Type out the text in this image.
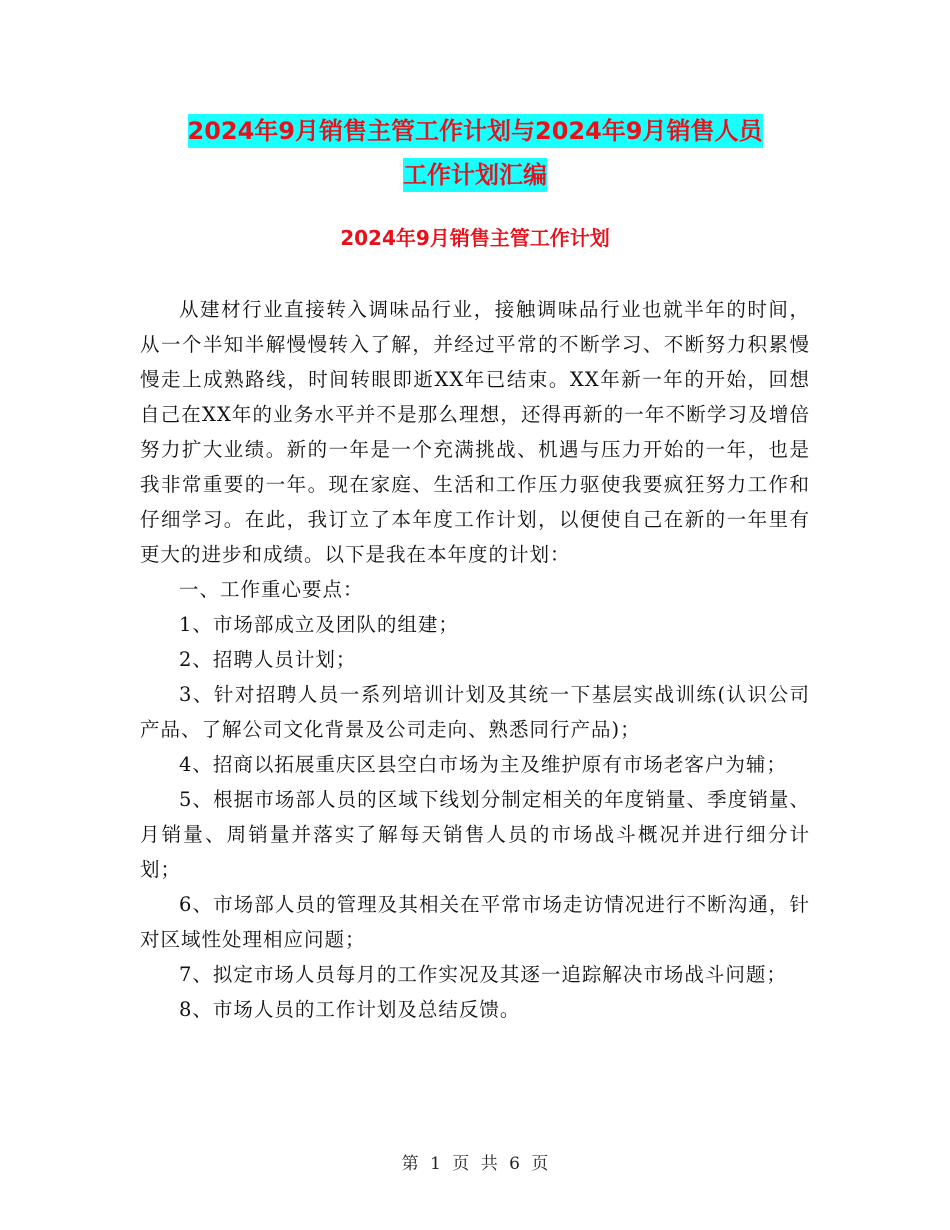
2024年9月销售主管工作计划与2024年9月销售人员
工作计划汇编
2024年9月销售主管工作计划

从建材行业直接转入调味品行业，接触调味品行业也就半年的时间，从一个半知半解慢慢转入了解，并经过平常的不断学习、不断努力积累慢慢走上成熟路线，时间转眼即逝XX年已结束。XX年新一年的开始，回想自己在XX年的业务水平并不是那么理想，还得再新的一年不断学习及增倍努力扩大业绩。新的一年是一个充满挑战、机遇与压力开始的一年，也是我非常重要的一年。现在家庭、生活和工作压力驱使我要疯狂努力工作和仔细学习。在此，我订立了本年度工作计划，以便使自己在新的一年里有更大的进步和成绩。以下是我在本年度的计划：

一、工作重心要点：

1、市场部成立及团队的组建；

2、招聘人员计划；

3、针对招聘人员一系列培训计划及其统一下基层实战训练(认识公司产品、了解公司文化背景及公司走向、熟悉同行产品)；

4、招商以拓展重庆区县空白市场为主及维护原有市场老客户为辅；

5、根据市场部人员的区域下线划分制定相关的年度销量、季度销量、月销量、周销量并落实了解每天销售人员的市场战斗概况并进行细分计划；

6、市场部人员的管理及其相关在平常市场走访情况进行不断沟通，针对区域性处理相应问题；

7、拟定市场人员每月的工作实况及其逐一追踪解决市场战斗问题；

8、市场人员的工作计划及总结反馈。

第 1 页 共 6 页
